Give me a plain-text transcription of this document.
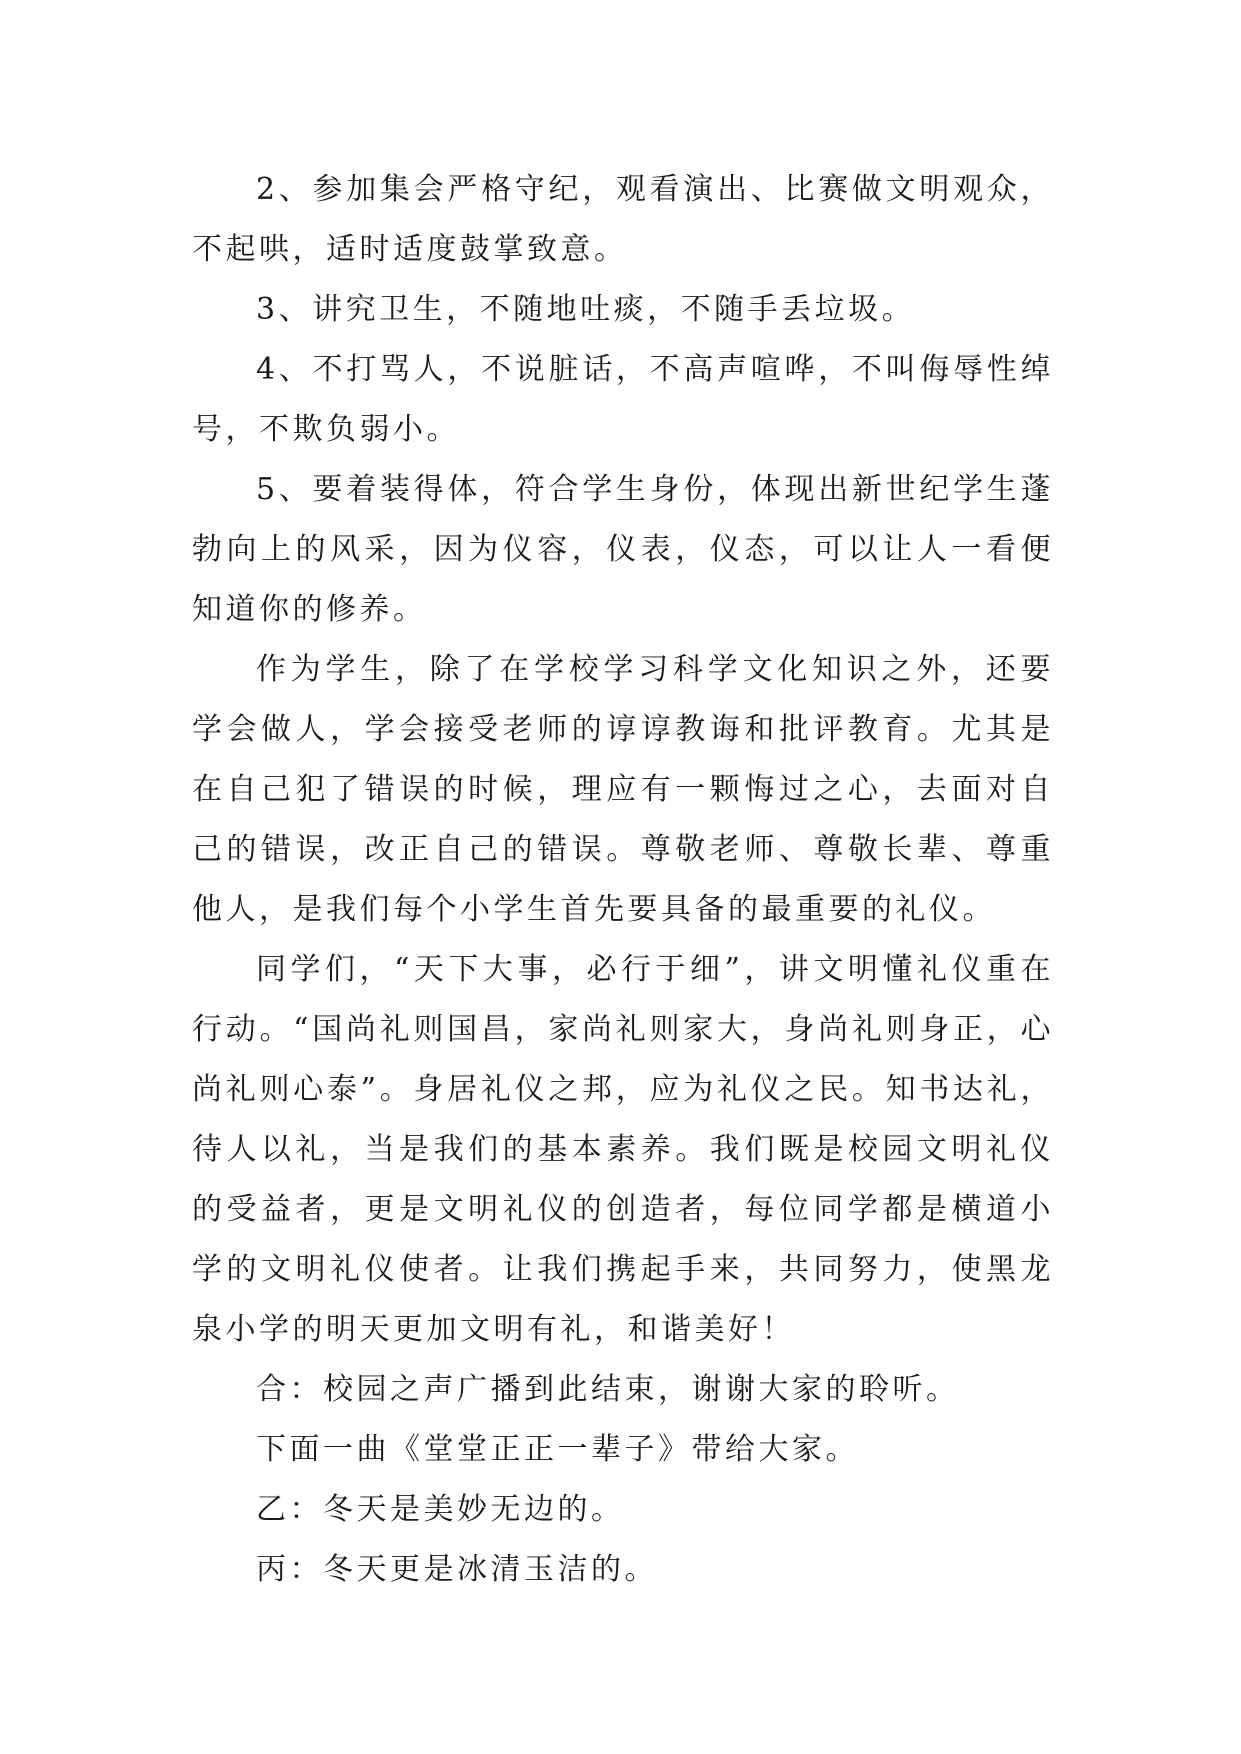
2、参加集会严格守纪，观看演出、比赛做文明观众，不起哄，适时适度鼓掌致意。

3、讲究卫生，不随地吐痰，不随手丢垃圾。

4、不打骂人，不说脏话，不高声喧哗，不叫侮辱性绰号，不欺负弱小。

5、要着装得体，符合学生身份，体现出新世纪学生蓬勃向上的风采，因为仪容，仪表，仪态，可以让人一看便知道你的修养。

作为学生，除了在学校学习科学文化知识之外，还要学会做人，学会接受老师的谆谆教诲和批评教育。尤其是在自己犯了错误的时候，理应有一颗悔过之心，去面对自己的错误，改正自己的错误。尊敬老师、尊敬长辈、尊重他人，是我们每个小学生首先要具备的最重要的礼仪。

同学们，“天下大事，必行于细”，讲文明懂礼仪重在行动。“国尚礼则国昌，家尚礼则家大，身尚礼则身正，心尚礼则心泰”。身居礼仪之邦，应为礼仪之民。知书达礼，待人以礼，当是我们的基本素养。我们既是校园文明礼仪的受益者，更是文明礼仪的创造者，每位同学都是横道小学的文明礼仪使者。让我们携起手来，共同努力，使黑龙泉小学的明天更加文明有礼，和谐美好！

合：校园之声广播到此结束，谢谢大家的聆听。

下面一曲《堂堂正正一辈子》带给大家。

乙：冬天是美妙无边的。

丙：冬天更是冰清玉洁的。
